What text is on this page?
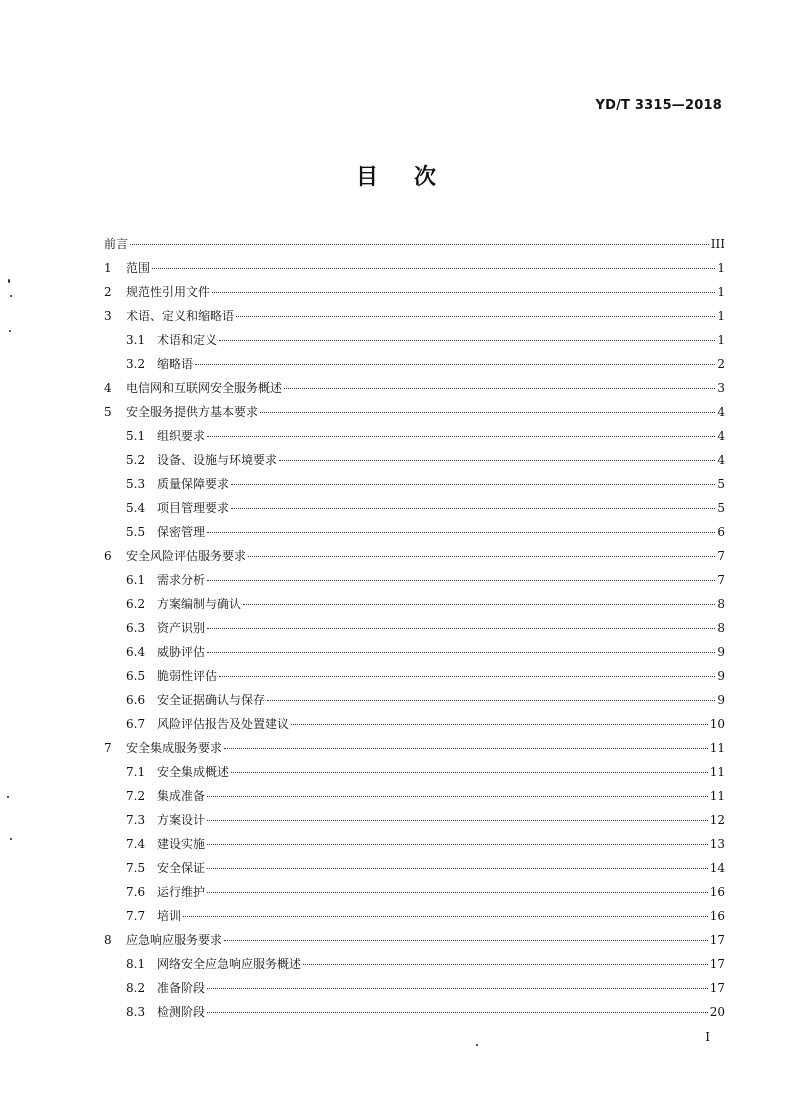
YD/T 3315—2018
目 次
前言	III
1	范围	1
2	规范性引用文件	1
3	术语、定义和缩略语	1
3.1 术语和定义	1
3.2 缩略语	2
4	电信网和互联网安全服务概述	3
5	安全服务提供方基本要求	4
5.1 组织要求	4
5.2 设备、设施与环境要求	4
5.3 质量保障要求	5
5.4 项目管理要求	5
5.5 保密管理	6
6	安全风险评估服务要求	7
6.1 需求分析	7
6.2 方案编制与确认	8
6.3 资产识别	8
6.4 威胁评估	9
6.5 脆弱性评估	9
6.6 安全证据确认与保存	9
6.7 风险评估报告及处置建议	10
7	安全集成服务要求	11
7.1 安全集成概述	11
7.2 集成准备	11
7.3 方案设计	12
7.4 建设实施	13
7.5 安全保证	14
7.6 运行维护	16
7.7 培训	16
8	应急响应服务要求	17
8.1 网络安全应急响应服务概述	17
8.2 准备阶段	17
8.3 检测阶段	20
I
